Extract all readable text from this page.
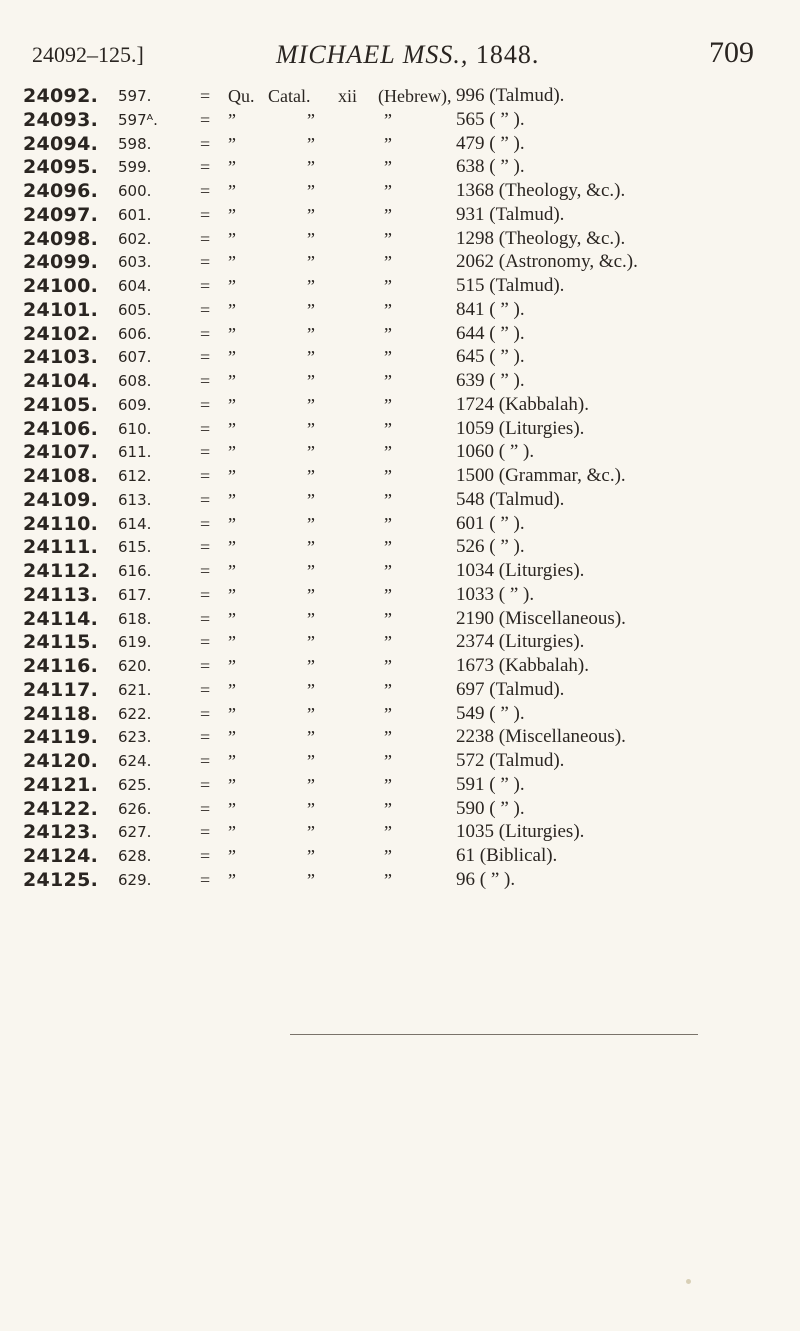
24092–125.]	MICHAEL MSS., 1848.	709
24092. 597.	= Qu. Catal. xii (Hebrew), 996 (Talmud).
24093. 597ᴬ. = ”	”	”	565 ( ” ).
24094. 598.	= ”	”	”	479 ( ” ).
24095. 599.	= ”	”	”	638 ( ” ).
24096. 600.	= ”	”	”	1368 (Theology, &c.).
24097. 601.	= ”	”	”	931 (Talmud).
24098. 602.	= ”	”	”	1298 (Theology, &c.).
24099. 603.	= ”	”	”	2062 (Astronomy, &c.).
24100. 604.	= ”	”	”	515 (Talmud).
24101. 605.	= ”	”	”	841 ( ” ).
24102. 606.	= ”	”	”	644 ( ” ).
24103. 607.	= ”	”	”	645 ( ” ).
24104. 608.	= ”	”	”	639 ( ” ).
24105. 609.	= ”	”	”	1724 (Kabbalah).
24106. 610.	= ”	”	”	1059 (Liturgies).
24107. 611.	= ”	”	”	1060 ( ” ).
24108. 612.	= ”	”	”	1500 (Grammar, &c.).
24109. 613.	= ”	”	”	548 (Talmud).
24110. 614.	= ”	”	”	601 ( ” ).
24111. 615.	= ”	”	”	526 ( ” ).
24112. 616.	= ”	”	”	1034 (Liturgies).
24113. 617.	= ”	”	”	1033 ( ” ).
24114. 618.	= ”	”	”	2190 (Miscellaneous).
24115. 619.	= ”	”	”	2374 (Liturgies).
24116. 620.	= ”	”	”	1673 (Kabbalah).
24117. 621.	= ”	”	”	697 (Talmud).
24118. 622.	= ”	”	”	549 ( ” ).
24119. 623.	= ”	”	”	2238 (Miscellaneous).
24120. 624.	= ”	”	”	572 (Talmud).
24121. 625.	= ”	”	”	591 ( ” ).
24122. 626.	= ”	”	”	590 ( ” ).
24123. 627.	= ”	”	”	1035 (Liturgies).
24124. 628.	= ”	”	”	61 (Biblical).
24125. 629.	= ”	”	”	96 ( ” ).
